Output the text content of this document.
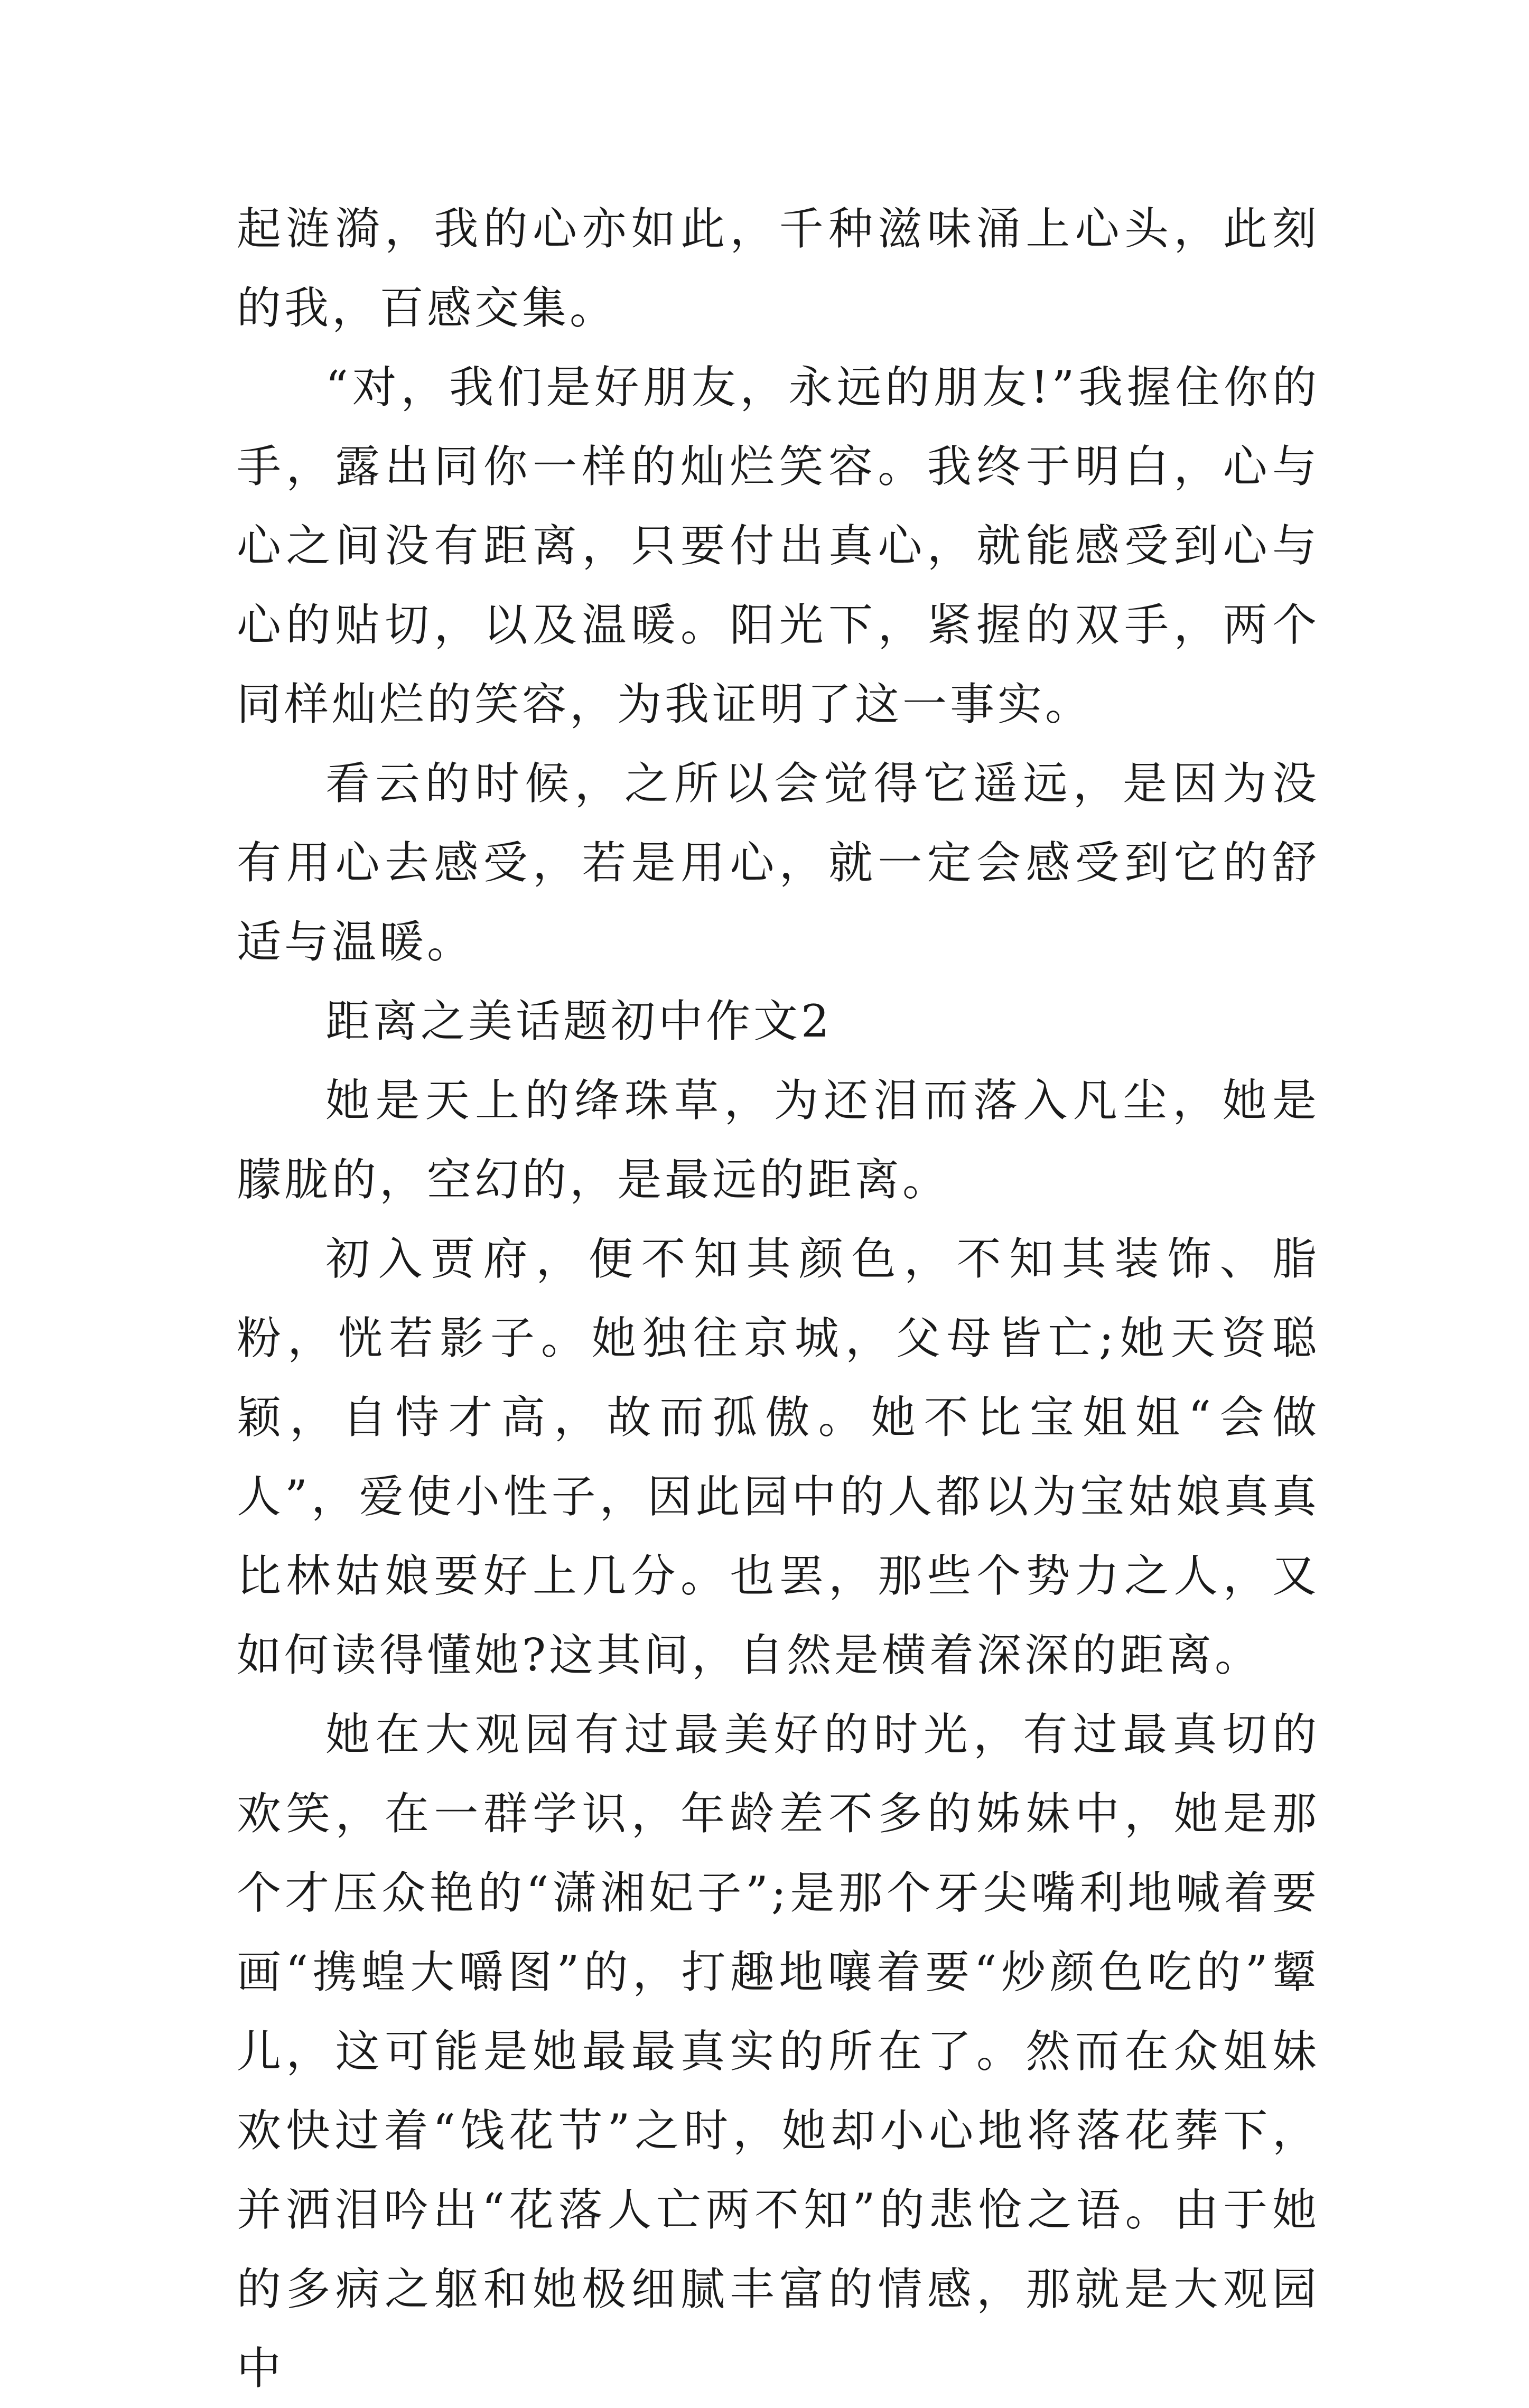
起涟漪，我的心亦如此，千种滋味涌上心头，此刻的我，百感交集。

“对，我们是好朋友，永远的朋友!”我握住你的手，露出同你一样的灿烂笑容。我终于明白，心与心之间没有距离，只要付出真心，就能感受到心与心的贴切，以及温暖。阳光下，紧握的双手，两个同样灿烂的笑容，为我证明了这一事实。

看云的时候，之所以会觉得它遥远，是因为没有用心去感受，若是用心，就一定会感受到它的舒适与温暖。

距离之美话题初中作文2

她是天上的绛珠草，为还泪而落入凡尘，她是朦胧的，空幻的，是最远的距离。

初入贾府，便不知其颜色，不知其装饰、脂粉，恍若影子。她独往京城，父母皆亡;她天资聪颖，自恃才高，故而孤傲。她不比宝姐姐“会做人”，爱使小性子，因此园中的人都以为宝姑娘真真比林姑娘要好上几分。也罢，那些个势力之人，又如何读得懂她?这其间，自然是横着深深的距离。

她在大观园有过最美好的时光，有过最真切的欢笑，在一群学识，年龄差不多的姊妹中，她是那个才压众艳的“潇湘妃子”;是那个牙尖嘴利地喊着要画“携蝗大嚼图”的，打趣地嚷着要“炒颜色吃的”颦儿，这可能是她最最真实的所在了。然而在众姐妹欢快过着“饯花节”之时，她却小心地将落花葬下，并洒泪吟出“花落人亡两不知”的悲怆之语。由于她的多病之躯和她极细腻丰富的情感，那就是大观园中
